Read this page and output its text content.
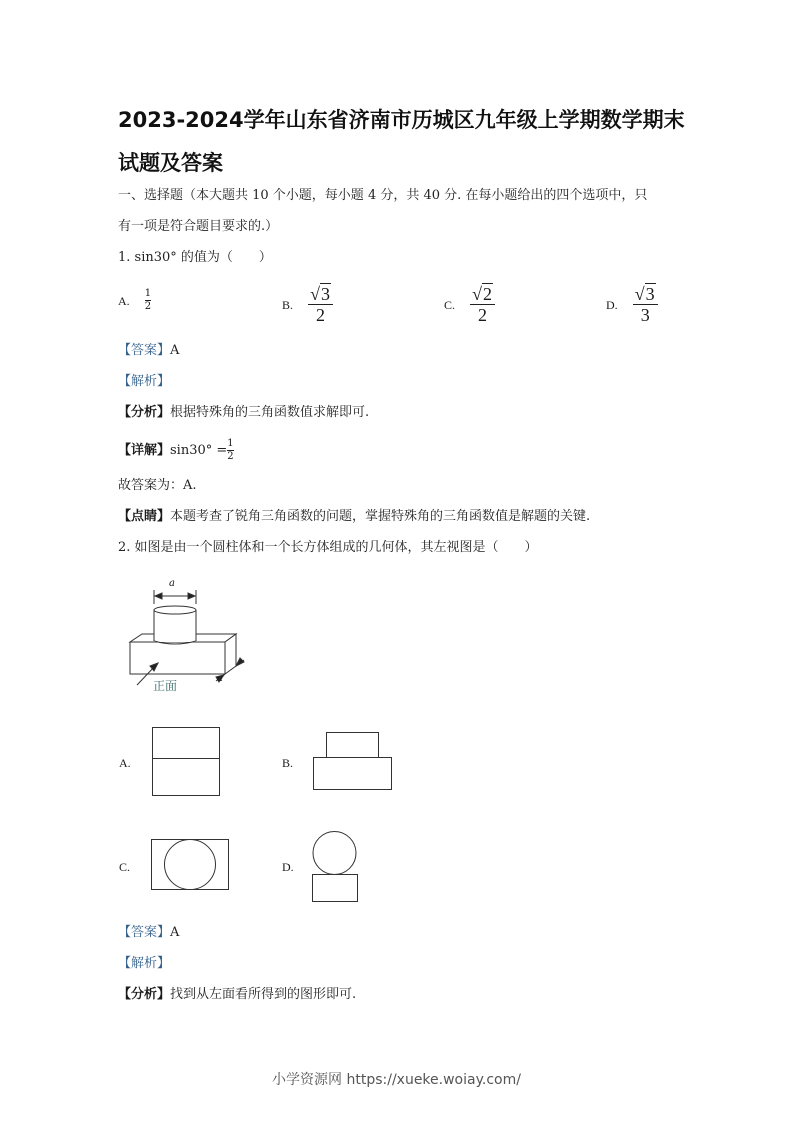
2023-2024学年山东省济南市历城区九年级上学期数学期末
试题及答案
一、选择题（本大题共 10 个小题，每小题 4 分，共 40 分. 在每小题给出的四个选项中，只
有一项是符合题目要求的.）
1. sin30° 的值为（　　）
A. $\frac{1}{2}$	B. $\frac{√3}{2}$	C. $\frac{√2}{2}$	D. $\frac{√3}{3}$
【答案】A
【解析】
【分析】根据特殊角的三角函数值求解即可.
【详解】 $\sin 30^\circ = \frac{1}{2}$
故答案为：A.
【点睛】本题考查了锐角三角函数的问题，掌握特殊角的三角函数值是解题的关键.
2. 如图是由一个圆柱体和一个长方体组成的几何体，其左视图是（　　）
a
a
正面
A.	B.
C.	D.
【答案】A
【解析】
【分析】找到从左面看所得到的图形即可.
小学资源网 https://xueke.woiay.com/
